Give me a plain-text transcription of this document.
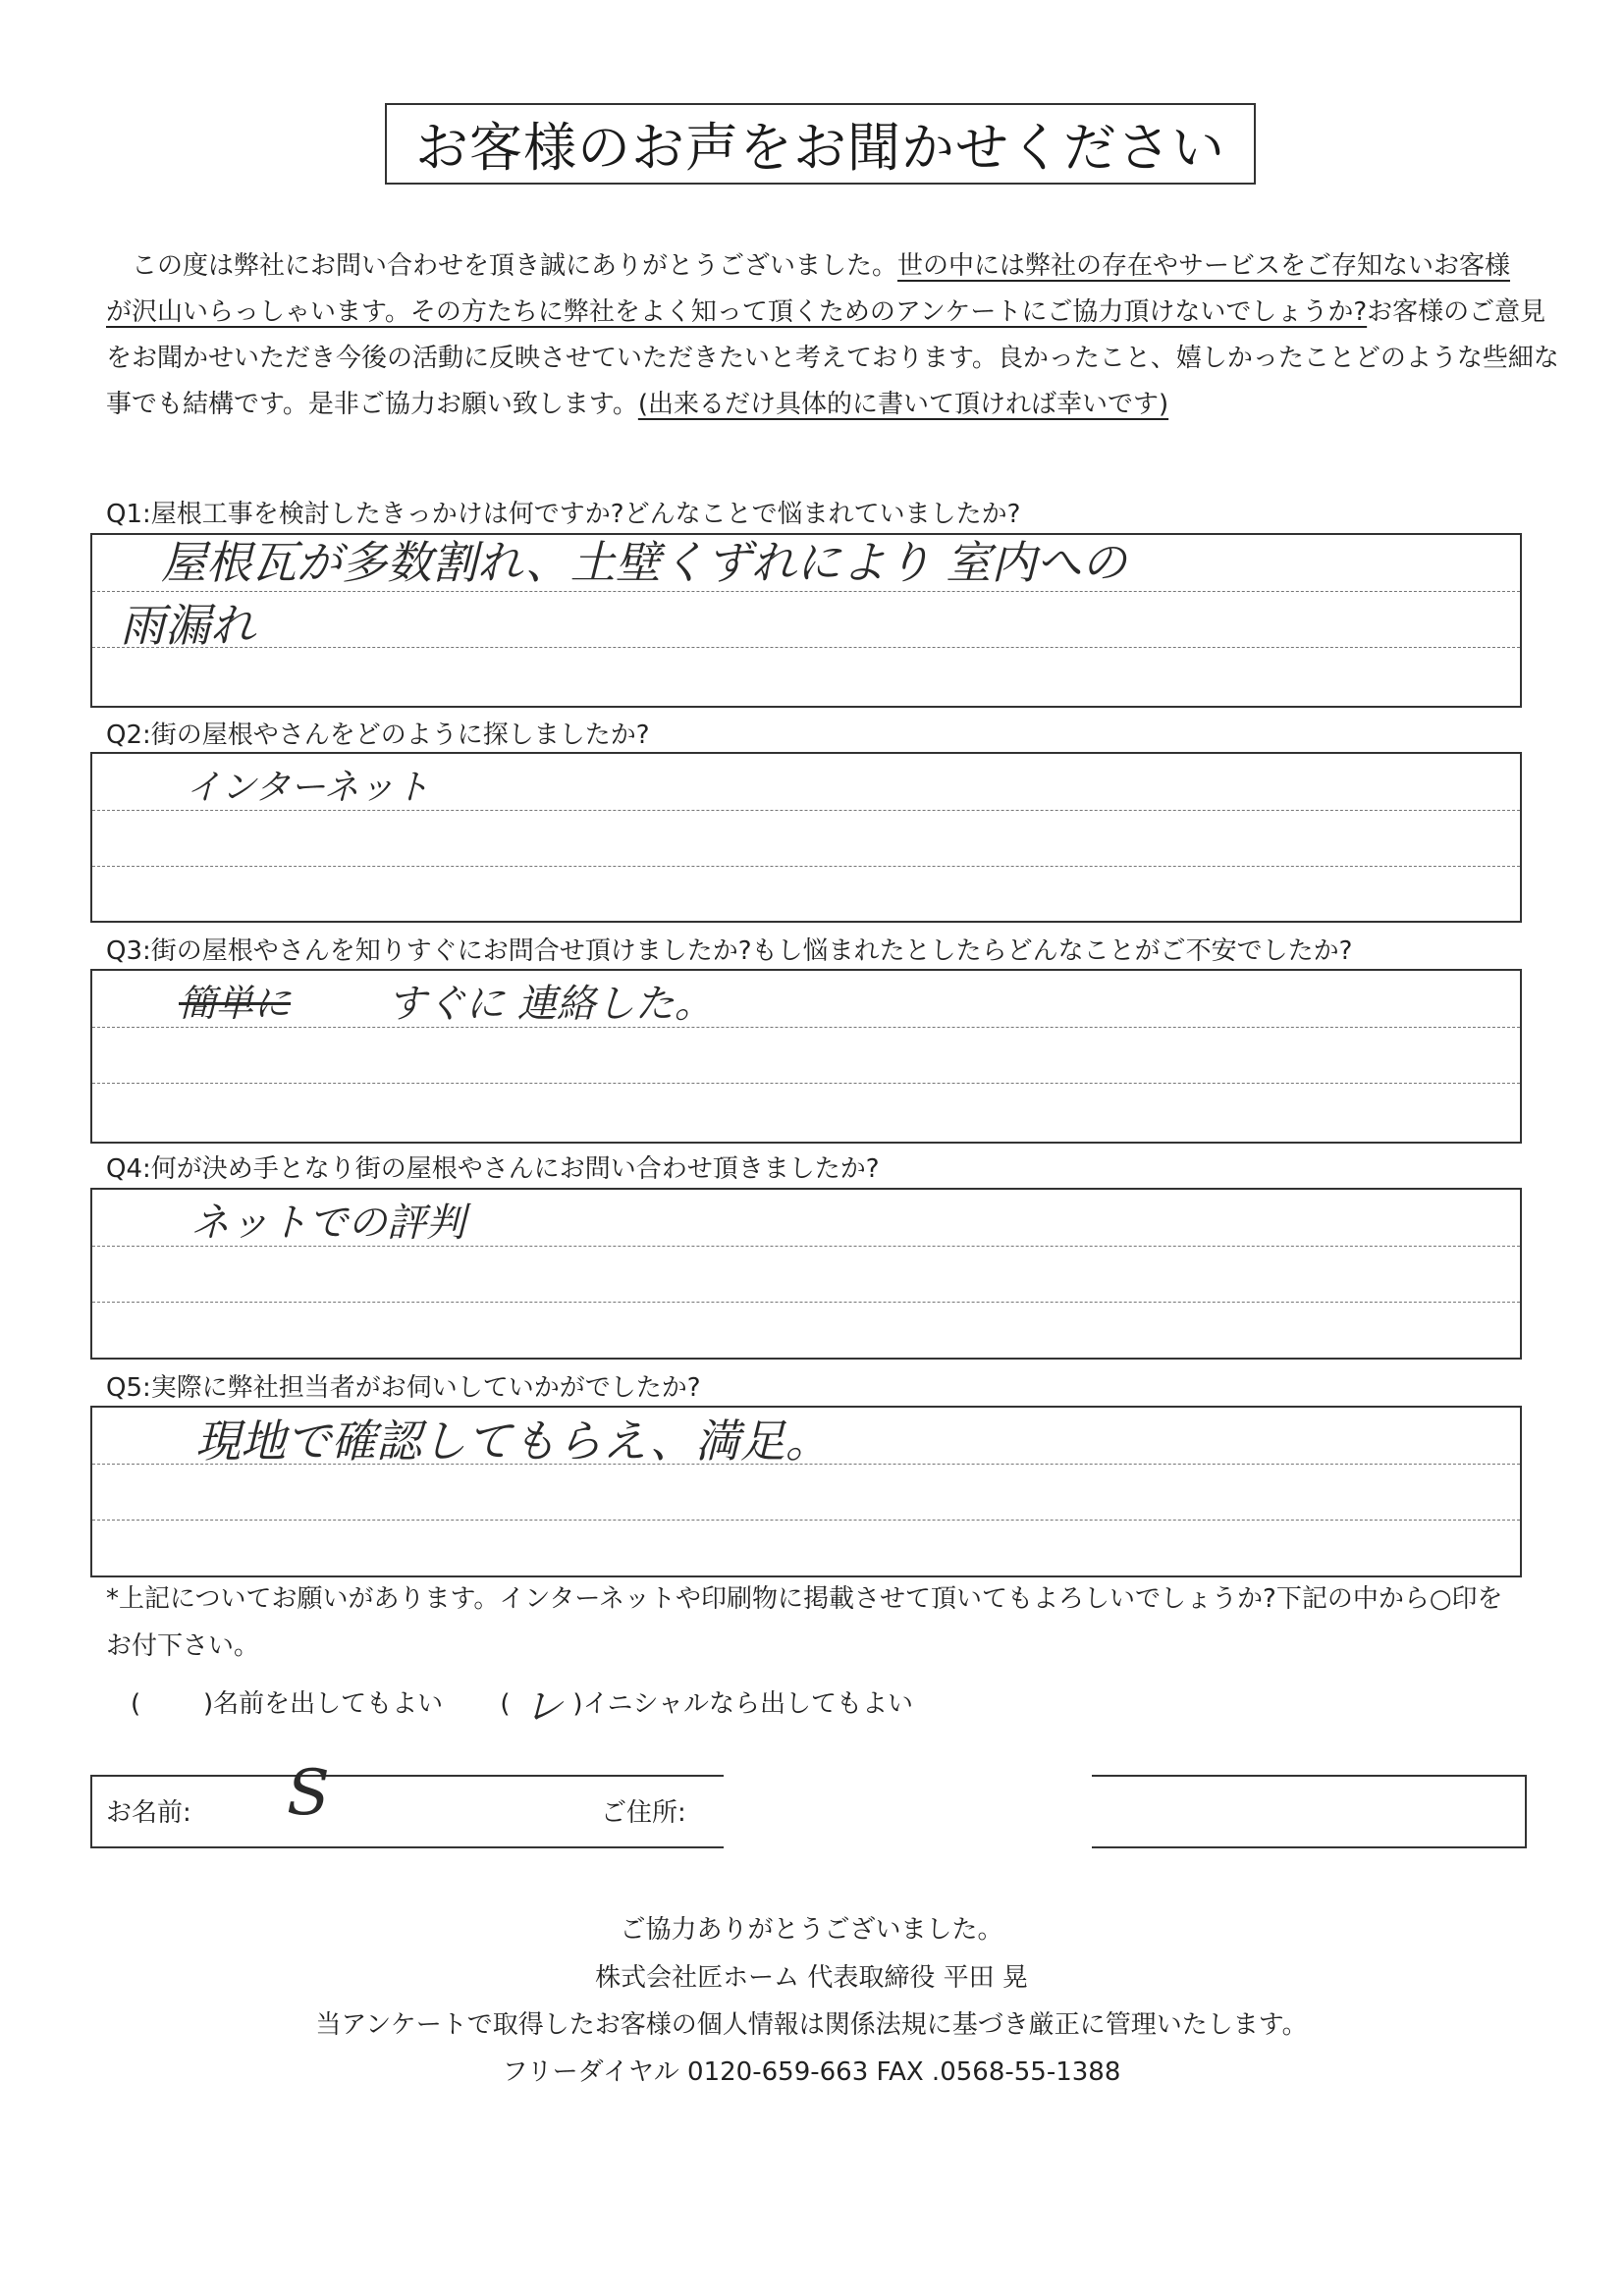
お客様のお声をお聞かせください
この度は弊社にお問い合わせを頂き誠にありがとうございました。世の中には弊社の存在やサービスをご存知ないお客様
が沢山いらっしゃいます。その方たちに弊社をよく知って頂くためのアンケートにご協力頂けないでしょうか?お客様のご意見
をお聞かせいただき今後の活動に反映させていただきたいと考えております。良かったこと、嬉しかったことどのような些細な
事でも結構です。是非ご協力お願い致します。(出来るだけ具体的に書いて頂ければ幸いです)
Q1:屋根工事を検討したきっかけは何ですか?どんなことで悩まれていましたか?
屋根瓦が多数割れ、土壁くずれにより 室内への
雨漏れ
Q2:街の屋根やさんをどのように探しましたか?
インターネット
Q3:街の屋根やさんを知りすぐにお問合せ頂けましたか?もし悩まれたとしたらどんなことがご不安でしたか?
簡単に すぐに 連絡した。
Q4:何が決め手となり街の屋根やさんにお問い合わせ頂きましたか?
ネットでの評判
Q5:実際に弊社担当者がお伺いしていかがでしたか?
現地で確認してもらえ、満足。
*上記についてお願いがあります。インターネットや印刷物に掲載させて頂いてもよろしいでしょうか?下記の中から○印を
お付下さい。
( )名前を出してもよい ( レ )イニシャルなら出してもよい
お名前: S	ご住所:
ご協力ありがとうございました。
株式会社匠ホーム 代表取締役 平田 晃
当アンケートで取得したお客様の個人情報は関係法規に基づき厳正に管理いたします。
フリーダイヤル 0120-659-663 FAX .0568-55-1388
